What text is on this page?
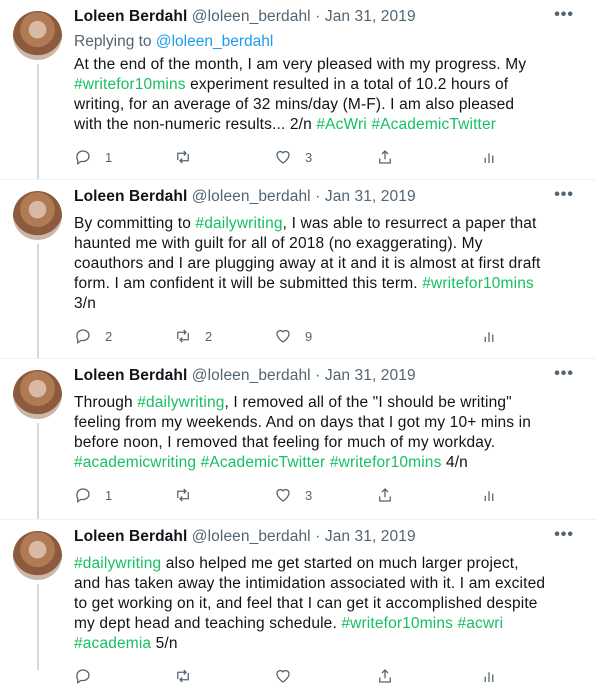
Loleen Berdahl @loleen_berdahl · Jan 31, 2019	•••
Replying to @loleen_berdahl
At the end of the month, I am very pleased with my progress. My
#writefor10mins experiment resulted in a total of 10.2 hours of
writing, for an average of 32 mins/day (M-F). I am also pleased
with the non-numeric results... 2/n #AcWri #AcademicTwitter
1	3
Loleen Berdahl @loleen_berdahl · Jan 31, 2019	•••
By committing to #dailywriting, I was able to resurrect a paper that
haunted me with guilt for all of 2018 (no exaggerating). My
coauthors and I are plugging away at it and it is almost at first draft
form. I am confident it will be submitted this term. #writefor10mins
3/n
2	2	9
Loleen Berdahl @loleen_berdahl · Jan 31, 2019	•••
Through #dailywriting, I removed all of the "I should be writing"
feeling from my weekends. And on days that I got my 10+ mins in
before noon, I removed that feeling for much of my workday.
#academicwriting #AcademicTwitter #writefor10mins 4/n
1	3
Loleen Berdahl @loleen_berdahl · Jan 31, 2019	•••
#dailywriting also helped me get started on much larger project,
and has taken away the intimidation associated with it. I am excited
to get working on it, and feel that I can get it accomplished despite
my dept head and teaching schedule. #writefor10mins #acwri
#academia 5/n
